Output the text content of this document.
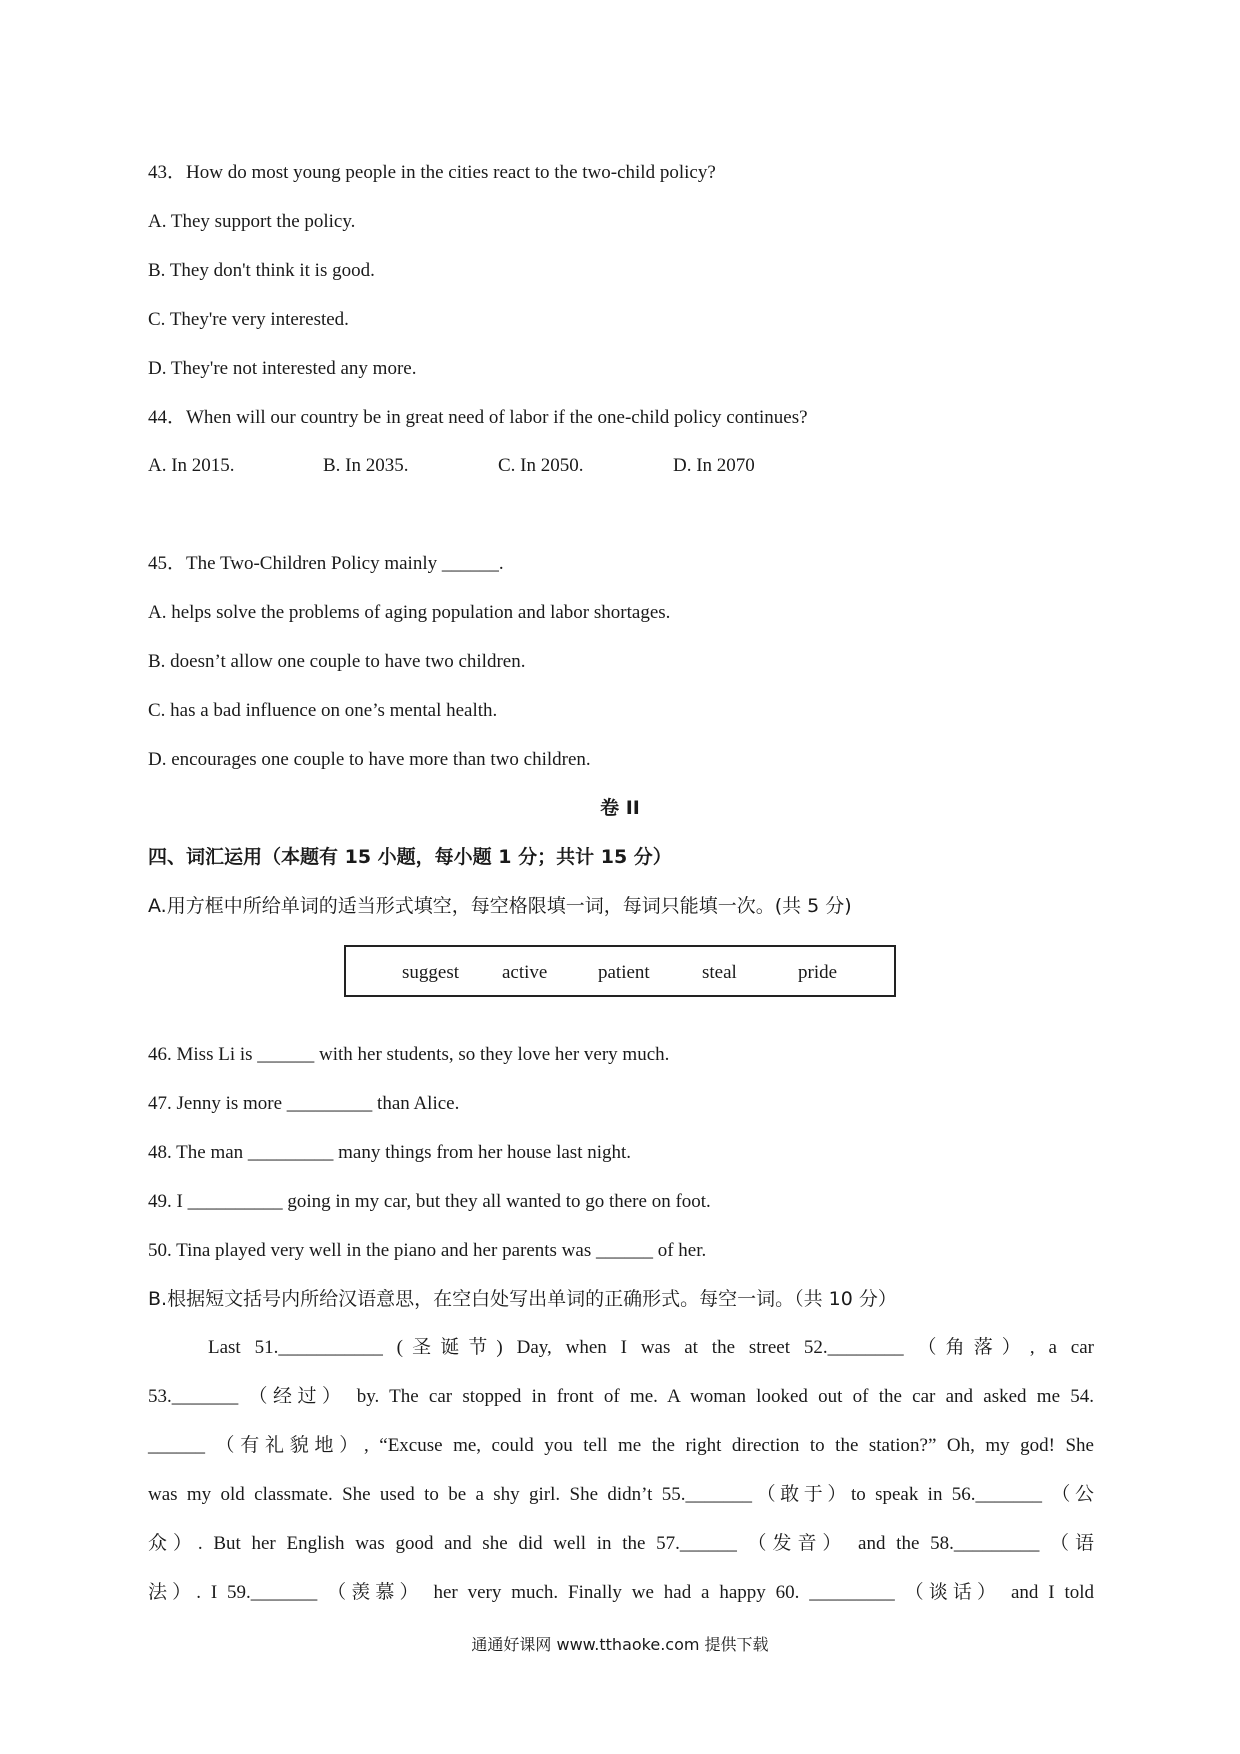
43．How do most young people in the cities react to the two-child policy?
A. They support the policy.
B. They don't think it is good.
C. They're very interested.
D. They're not interested any more.
44．When will our country be in great need of labor if the one-child policy continues?
A. In 2015.	B. In 2035.	C. In 2050.	D. In 2070
45．The Two-Children Policy mainly ______.
A. helps solve the problems of aging population and labor shortages.
B. doesn’t allow one couple to have two children.
C. has a bad influence on one’s mental health.
D. encourages one couple to have more than two children.
卷 II
四、词汇运用（本题有 15 小题，每小题 1 分；共计 15 分）
A.用方框中所给单词的适当形式填空，每空格限填一词，每词只能填一次。(共 5 分)
suggest active	patient	steal	pride
46. Miss Li is ______ with her students, so they love her very much.
47. Jenny is more _________ than Alice.
48. The man _________ many things from her house last night.
49. I __________ going in my car, but they all wanted to go there on foot.
50. Tina played very well in the piano and her parents was ______ of her.
B.根据短文括号内所给汉语意思，在空白处写出单词的正确形式。每空一词。（共 10 分）
Last 51.___________ (圣诞节) Day, when I was at the street 52.________ （角落）, a car
53._______ （经过） by. The car stopped in front of me. A woman looked out of the car and asked me 54.
______ （有礼貌地）, “Excuse me, could you tell me the right direction to the station?” Oh, my god! She
was my old classmate. She used to be a shy girl. She didn’t 55._______（敢于）to speak in 56._______ （公
众）. But her English was good and she did well in the 57.______ （发音） and the 58._________ （语
法）. I 59._______ （羡慕） her very much. Finally we had a happy 60. _________ （谈话） and I told
通通好课网 www.tthaoke.com 提供下载
